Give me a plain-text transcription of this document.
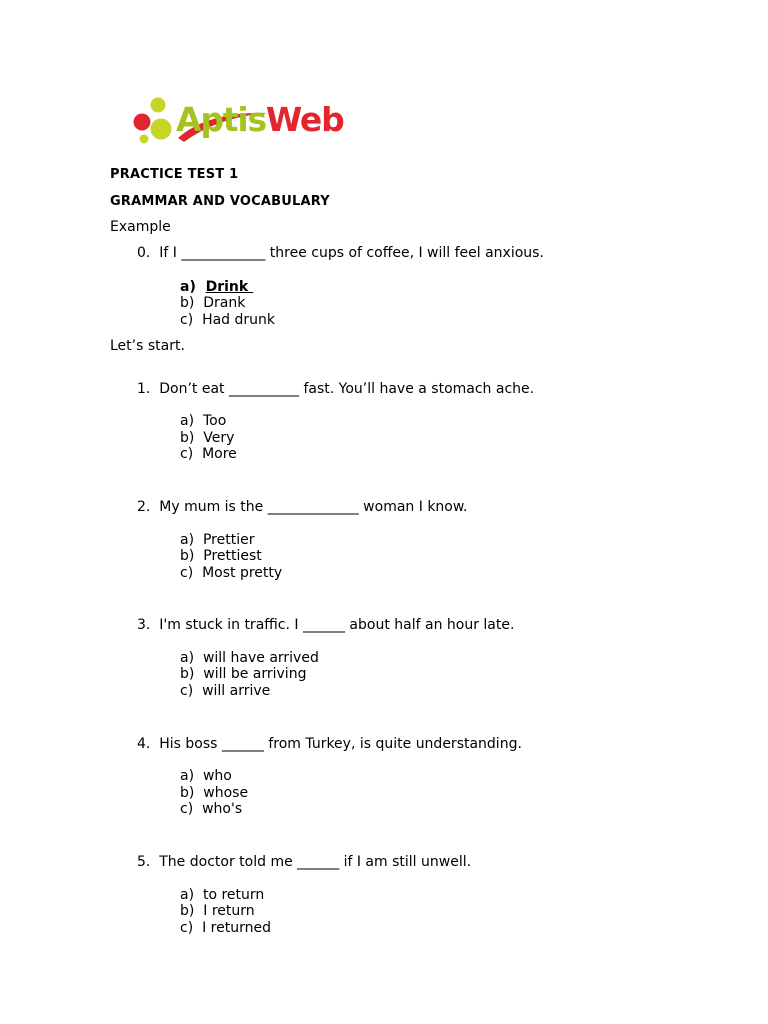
AptisWeb
PRACTICE TEST 1
GRAMMAR AND VOCABULARY
Example
0.  If I ____________ three cups of coffee, I will feel anxious.
a) Drink
b) Drank
c) Had drunk
Let’s start.
1.  Don’t eat __________ fast. You’ll have a stomach ache.
a) Too
b) Very
c) More
2.  My mum is the _____________ woman I know.
a) Prettier
b) Prettiest
c) Most pretty
3.  I'm stuck in traffic. I ______ about half an hour late.
a) will have arrived
b) will be arriving
c) will arrive
4.  His boss ______ from Turkey, is quite understanding.
a) who
b) whose
c) who's
5.  The doctor told me ______ if I am still unwell.
a) to return
b) I return
c) I returned
